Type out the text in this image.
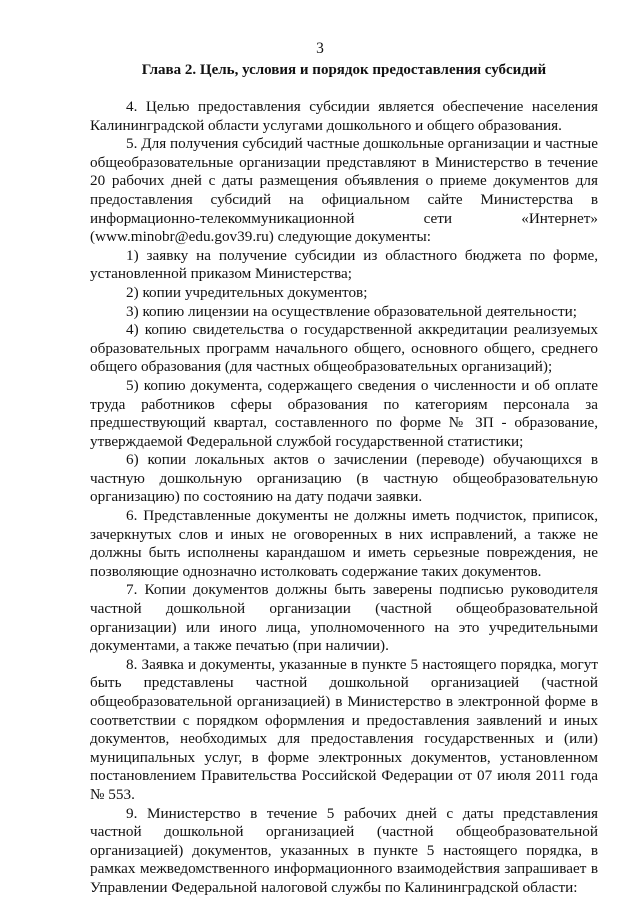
3
Глава 2. Цель, условия и порядок предоставления субсидий

4. Целью предоставления субсидии является обеспечение населения Калининградской области услугами дошкольного и общего образования.

5. Для получения субсидий частные дошкольные организации и частные общеобразовательные организации представляют в Министерство в течение 20 рабочих дней с даты размещения объявления о приеме документов для предоставления субсидий на официальном сайте Министерства в информационно-телекоммуникационной сети «Интернет» (www.minobr@edu.gov39.ru) следующие документы:

1) заявку на получение субсидии из областного бюджета по форме, установленной приказом Министерства;

2) копии учредительных документов;

3) копию лицензии на осуществление образовательной деятельности;

4) копию свидетельства о государственной аккредитации реализуемых образовательных программ начального общего, основного общего, среднего общего образования (для частных общеобразовательных организаций);

5) копию документа, содержащего сведения о численности и об оплате труда работников сферы образования по категориям персонала за предшествующий квартал, составленного по форме № ЗП - образование, утверждаемой Федеральной службой государственной статистики;

6) копии локальных актов о зачислении (переводе) обучающихся в частную дошкольную организацию (в частную общеобразовательную организацию) по состоянию на дату подачи заявки.

6. Представленные документы не должны иметь подчисток, приписок, зачеркнутых слов и иных не оговоренных в них исправлений, а также не должны быть исполнены карандашом и иметь серьезные повреждения, не позволяющие однозначно истолковать содержание таких документов.

7. Копии документов должны быть заверены подписью руководителя частной дошкольной организации (частной общеобразовательной организации) или иного лица, уполномоченного на это учредительными документами, а также печатью (при наличии).

8. Заявка и документы, указанные в пункте 5 настоящего порядка, могут быть представлены частной дошкольной организацией (частной общеобразовательной организацией) в Министерство в электронной форме в соответствии с порядком оформления и предоставления заявлений и иных документов, необходимых для предоставления государственных и (или) муниципальных услуг, в форме электронных документов, установленном постановлением Правительства Российской Федерации от 07 июля 2011 года № 553.

9. Министерство в течение 5 рабочих дней с даты представления частной дошкольной организацией (частной общеобразовательной организацией) документов, указанных в пункте 5 настоящего порядка, в рамках межведомственного информационного взаимодействия запрашивает в Управлении Федеральной налоговой службы по Калининградской области:
